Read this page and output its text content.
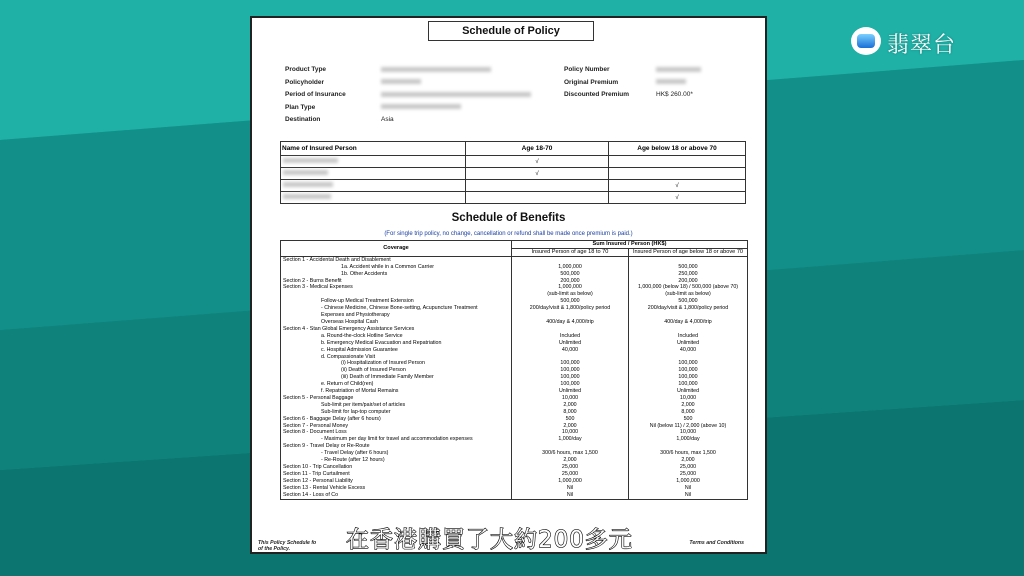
Schedule of Policy
Product Type
Policyholder
Period of Insurance
Plan Type
Destination	Asia
Policy Number
Original Premium
Discounted Premium	HK$ 260.00*
Name of Insured Person	Age 18-70	Age below 18 or above 70
	√	
	√	
		√
		√
Schedule of Benefits
(For single trip policy, no change, cancellation or refund shall be made once premium is paid.)
Coverage	Sum Insured / Person (HK$)	
	Insured Person of age 18 to 70	Insured Person of age below 18 or above 70
Section 1 - Accidental Death and Disablement		
1a. Accident while in a Common Carrier	1,000,000	500,000
1b. Other Accidents	500,000	250,000
Section 2 - Burns Benefit	200,000	200,000
Section 3 - Medical Expenses	1,000,000	1,000,000 (below 18) / 500,000 (above 70)
	(sub-limit as below)	(sub-limit as below)
Follow-up Medical Treatment Extension	500,000	500,000
- Chinese Medicine, Chinese Bone-setting, Acupuncture Treatment	200/day/visit & 1,800/policy period	200/day/visit & 1,800/policy period
Expenses and Physiotherapy		
Overseas Hospital Cash	400/day & 4,000/trip	400/day & 4,000/trip
Section 4 - Stan Global Emergency Assistance Services		
a. Round-the-clock Hotline Service	Included	Included
b. Emergency Medical Evacuation and Repatriation	Unlimited	Unlimited
c. Hospital Admission Guarantee	40,000	40,000
d. Compassionate Visit		
(i) Hospitalization of Insured Person	100,000	100,000
(ii) Death of Insured Person	100,000	100,000
(iii) Death of Immediate Family Member	100,000	100,000
e. Return of Child(ren)	100,000	100,000
f. Repatriation of Mortal Remains	Unlimited	Unlimited
Section 5 - Personal Baggage	10,000	10,000
Sub-limit per item/pair/set of articles	2,000	2,000
Sub-limit for lap-top computer	8,000	8,000
Section 6 - Baggage Delay (after 6 hours)	500	500
Section 7 - Personal Money	2,000	Nil (below 11) / 2,000 (above 10)
Section 8 - Document Loss	10,000	10,000
- Maximum per day limit for travel and accommodation expenses	1,000/day	1,000/day
Section 9 - Travel Delay or Re-Route		
- Travel Delay (after 6 hours)	300/6 hours, max 1,500	300/6 hours, max 1,500
- Re-Route (after 12 hours)	2,000	2,000
Section 10 - Trip Cancellation	25,000	25,000
Section 11 - Trip Curtailment	25,000	25,000
Section 12 - Personal Liability	1,000,000	1,000,000
Section 13 - Rental Vehicle Excess	Nil	Nil
Section 14 - Loss of Co	Nil	Nil
This Policy Schedule fo	Terms and Conditions

of the Policy.
翡翠台
在香港購買了大約200多元
